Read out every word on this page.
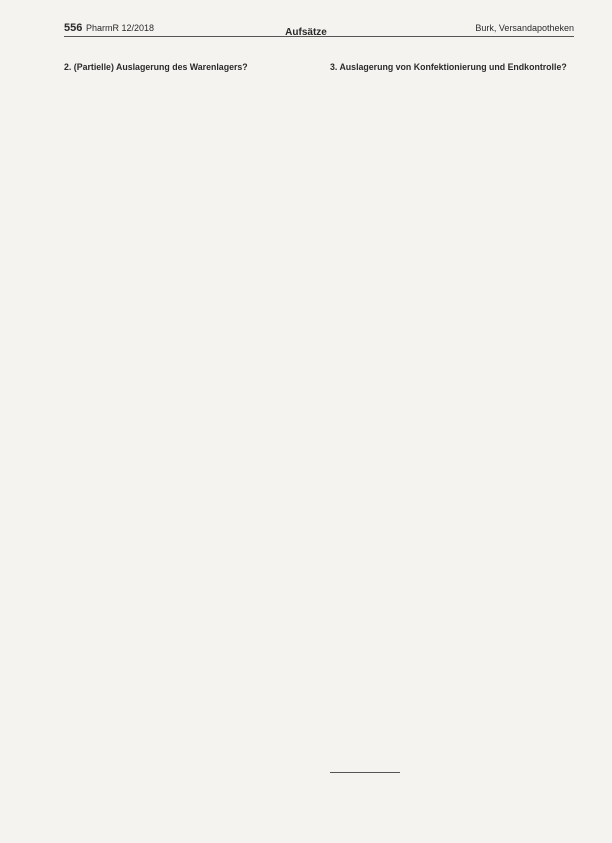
556 PharmR 12/2018	Aufsätze	Burk, Versandapotheken

2. (Partielle) Auslagerung des Warenlagers?	3. Auslagerung von Konfektionierung und Endkontrolle?
